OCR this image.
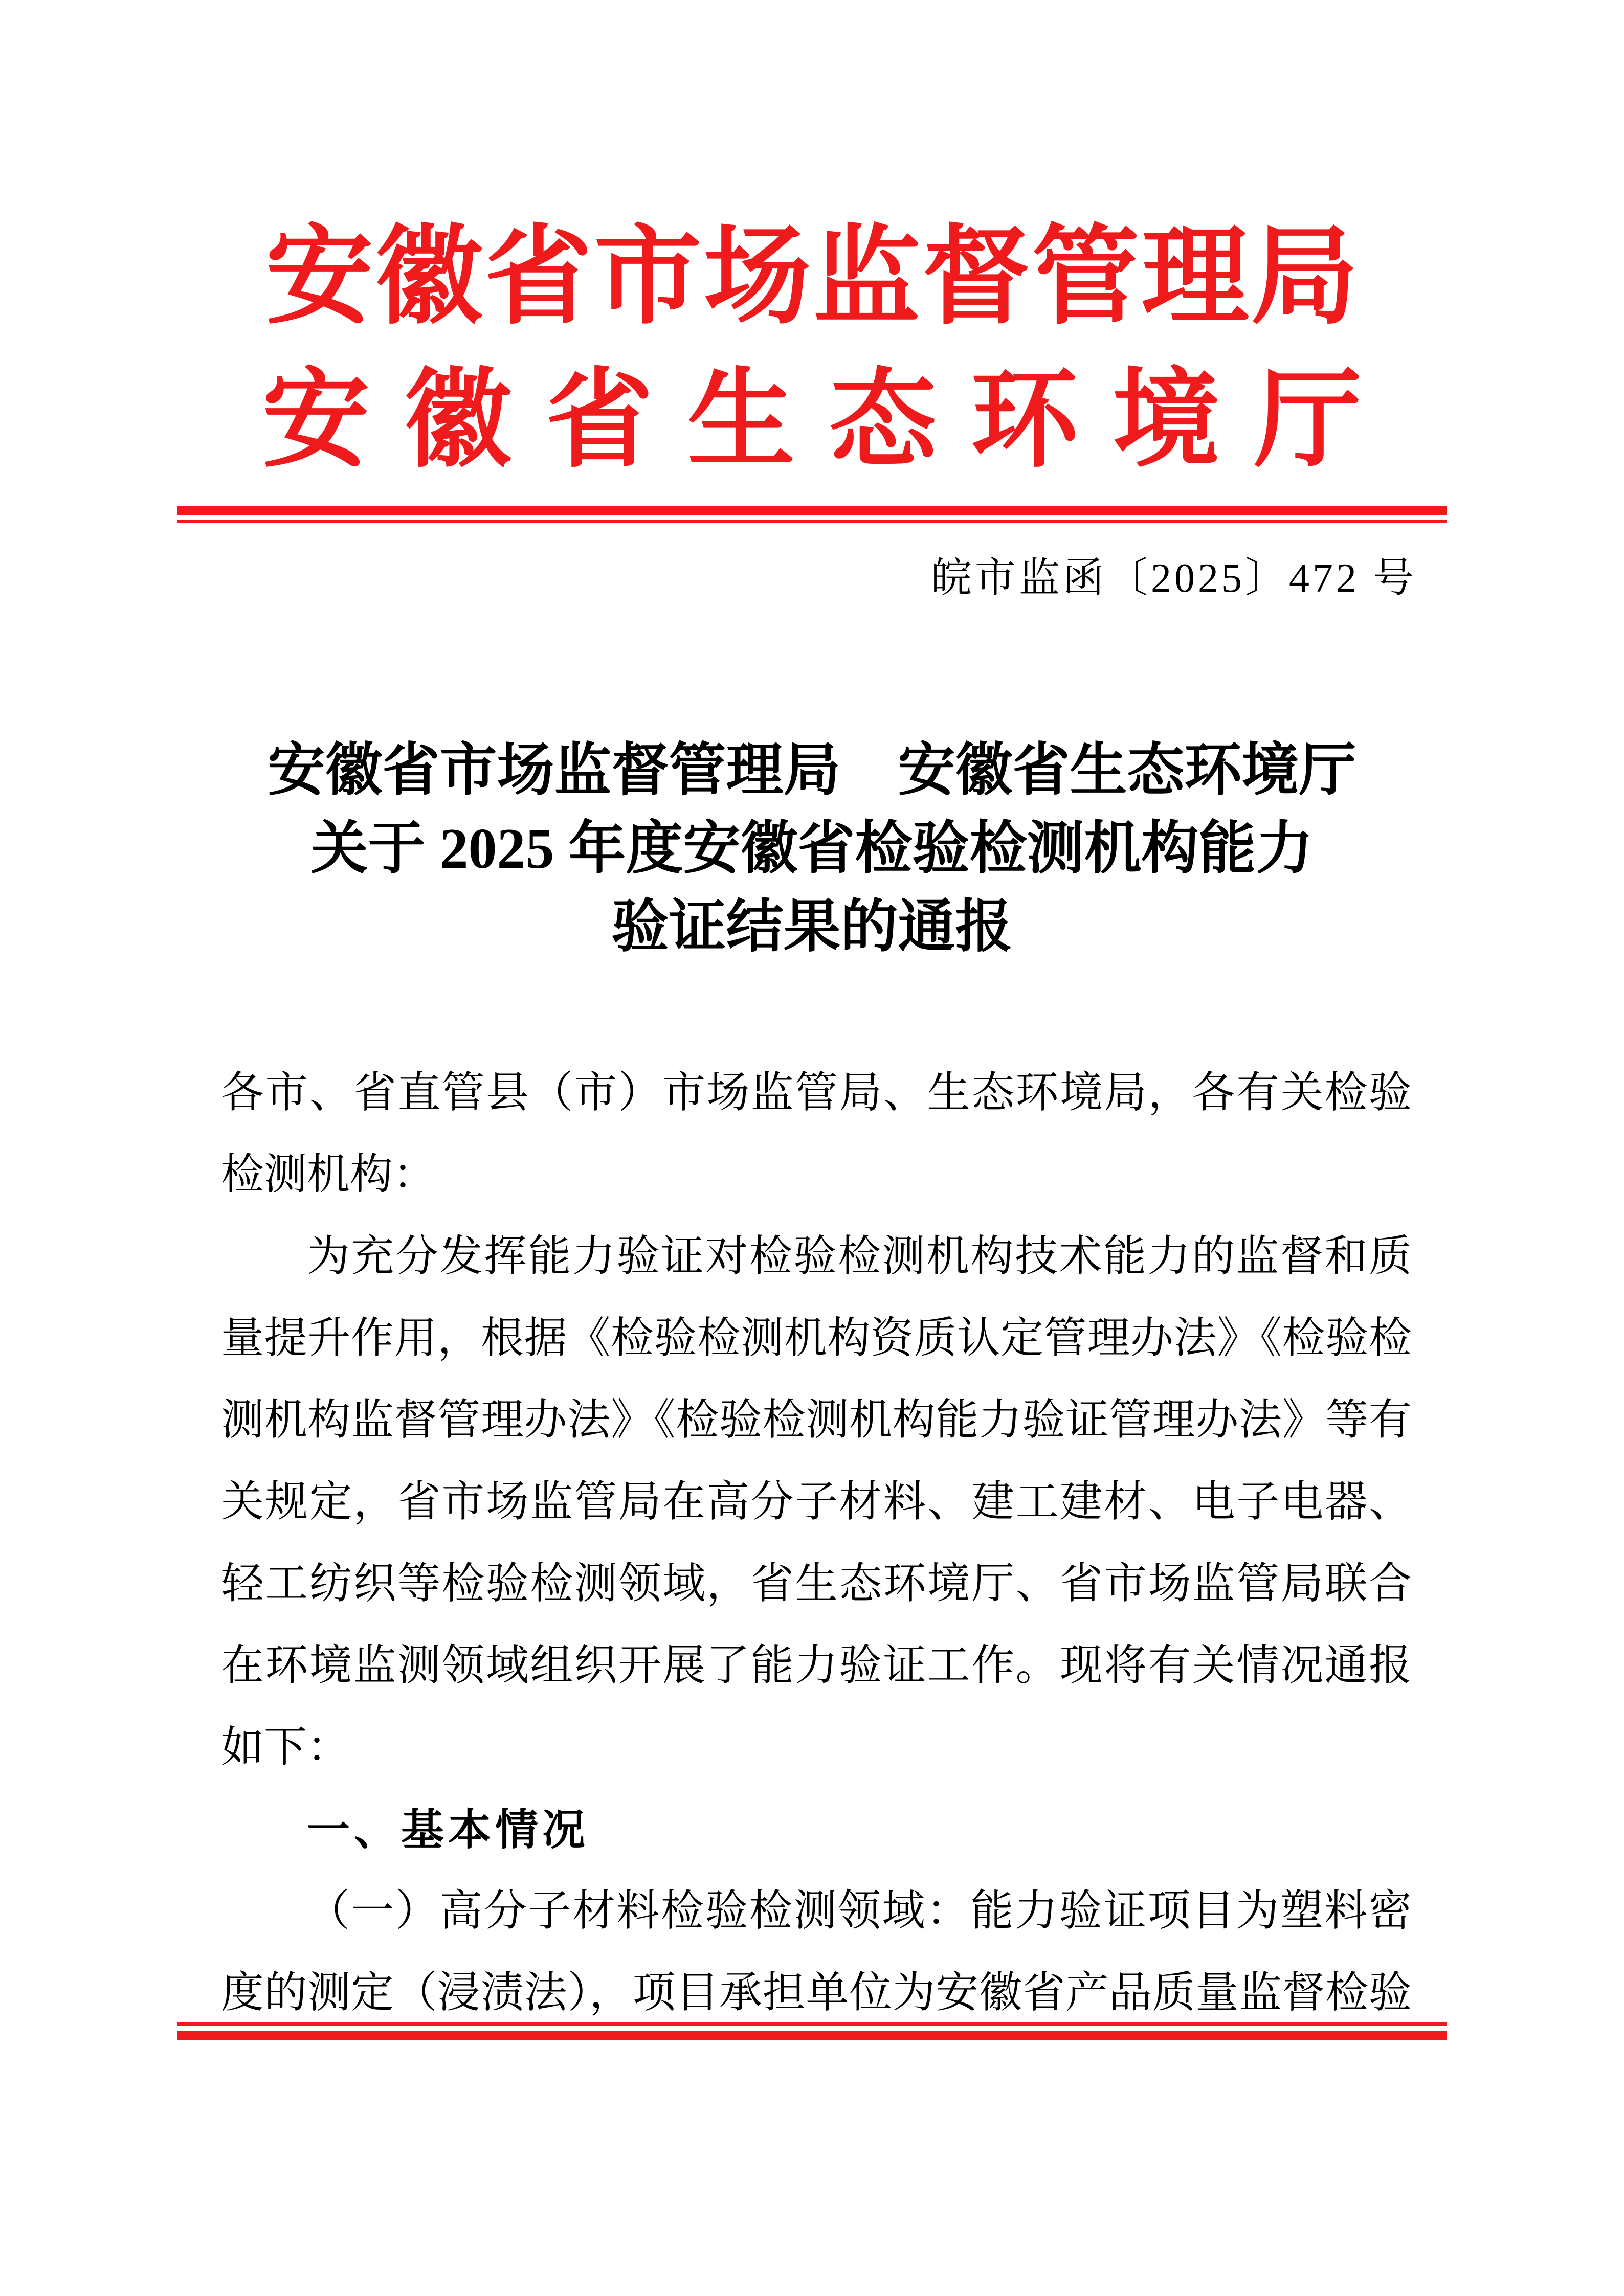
安徽省市场监督管理局
安徽省生态环境厅
皖市监函〔2025〕472 号
安徽省市场监督管理局　安徽省生态环境厅
关于 2025 年度安徽省检验检测机构能力
验证结果的通报
各市、省直管县（市）市场监管局、生态环境局，各有关检验
检测机构：
为充分发挥能力验证对检验检测机构技术能力的监督和质
量提升作用，根据《检验检测机构资质认定管理办法》《检验检
测机构监督管理办法》《检验检测机构能力验证管理办法》等有
关规定，省市场监管局在高分子材料、建工建材、电子电器、
轻工纺织等检验检测领域，省生态环境厅、省市场监管局联合
在环境监测领域组织开展了能力验证工作。现将有关情况通报
如下：
一、基本情况
（一）高分子材料检验检测领域：能力验证项目为塑料密
度的测定（浸渍法），项目承担单位为安徽省产品质量监督检验
